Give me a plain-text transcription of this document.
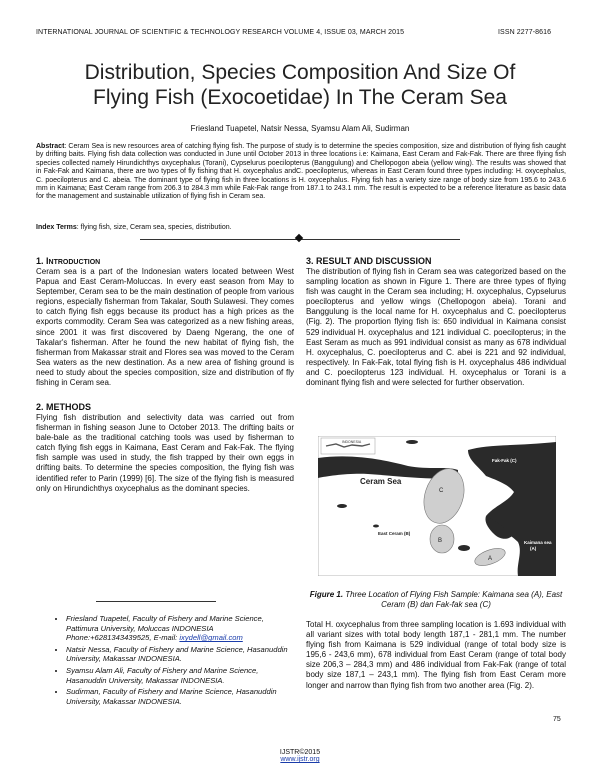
INTERNATIONAL JOURNAL OF SCIENTIFIC & TECHNOLOGY RESEARCH VOLUME 4, ISSUE 03, MARCH 2015	ISSN 2277-8616
Distribution, Species Composition And Size Of
Flying Fish (Exocoetidae) In The Ceram Sea
Friesland Tuapetel, Natsir Nessa, Syamsu Alam Ali, Sudirman
Abstract: Ceram Sea is new resources area of catching flying fish. The purpose of study is to determine the species composition, size and distribution of flying fish caught by drifting baits. Flying fish data collection was conducted in June until October 2013 in three locations i.e: Kaimana, East Ceram and Fak-Fak. There are three flying fish species collected namely Hirundichthys oxycephalus (Torani), Cypselurus poecilopterus (Banggulung) and Chellopogon abeia (yellow wing). The results was showed that in Fak-Fak and Kaimana, there are two types of fly fishing that H. oxycephalus andC. poecilopterus, whereas in East Ceram found three types including: H. oxycephalus, C. poecilopterus and C. abeia. The dominant type of flying fish in three locations is H. oxycephalus. Flying fish has a variety size range of body size from 195.6 to 243.6 mm in Kaimana; East Ceram range from 206.3 to 284.3 mm while Fak-Fak range from 187.1 to 243.1 mm. The result is expected to be a reference literature as basic data for the management and sustainable utilization of flying fish in Ceram sea.
Index Terms: flying fish, size, Ceram sea, species, distribution.
1. INTRODUCTION
Ceram sea is a part of the Indonesian waters located between West Papua and East Ceram-Moluccas. In every east season from May to September, Ceram sea to be the main destination of people from various regions, especially fisherman from Takalar, South Sulawesi. They comes to catch flying fish eggs because its product has a high prices as the exports commodity. Ceram Sea was categorized as a new fishing areas, since 2001 it was first discovered by Daeng Ngerang, the one of Takalar's fisherman. After he found the new habitat of flying fish, the fisherman from Makassar strait and Flores sea was moved to the Ceram Sea waters as the new destination. As a new area of fishing ground is need to study about the species composition, size and distribution of fly fishing in Ceram sea.
2. METHODS
Flying fish distribution and selectivity data was carried out from fisherman in fishing season June to October 2013. The drifting baits or bale-bale as the traditional catching tools was used by fisherman to catch flying fish eggs in Kaimana, East Ceram and Fak-Fak. The flying fish sample was used in study, the fish trapped by their own eggs in drifting baits. To determine the species composition, the flying fish was identified refer to Parin (1999) [6]. The size of the flying fish is measured only on Hirundichthys oxycephalus as the dominant species.
• Friesland Tuapetel, Faculty of Fishery and Marine Science, Pattimura University, Moluccas INDONESIA Phone:+6281343439525, E-mail: ixydell@gmail.com
• Natsir Nessa, Faculty of Fishery and Marine Science, Hasanuddin University, Makassar INDONESIA.
• Syamsu Alam Ali, Faculty of Fishery and Marine Science, Hasanuddin University, Makassar INDONESIA.
• Sudirman, Faculty of Fishery and Marine Science, Hasanuddin University, Makassar INDONESIA.
3. RESULT AND DISCUSSION
The distribution of flying fish in Ceram sea was categorized based on the sampling location as shown in Figure 1. There are three types of flying fish was caught in the Ceram sea including; H. oxycephalus, Cypselurus poecilopterus and yellow wings (Chellopogon abeia). Torani and Banggulung is the local name for H. oxycephalus and C. poecilopterus (Fig. 2). The proportion flying fish is: 650 individual in Kaimana consist 529 individual H. oxycephalus and 121 individual C. poecilopterus; in the East Seram as much as 991 individual consist as many as 678 individual H. oxycephalus, C. poecilopterus and C. abei is 221 and 92 individual, respectively. In Fak-Fak, total flying fish is H. oxycephalus 486 individual and C. poecilopterus 123 individual. H. oxycephalus or Torani is a dominant flying fish and were selected for further observation.
INDONESIA
Ceram Sea
C
B
A
Fak-Fak (C)
East Ceram (B)
Kaimana sea
(A)
Figure 1. Three Location of Flying Fish Sample: Kaimana sea (A), East Ceram (B) dan Fak-fak sea (C)
Total H. oxycephalus from three sampling location is 1.693 individual with all variant sizes with total body length 187,1 - 281,1 mm. The number flying fish from Kaimana is 529 individual (range of total body size is 195,6 - 243,6 mm), 678 individual from East Ceram (range of total body size 206,3 – 284,3 mm) and 486 individual from Fak-Fak (range of total body size 187,1 – 243,1 mm). The flying fish from East Ceram more longer and narrow than flying fish from two another area (Fig. 2).
IJSTR©2015
www.ijstr.org
75
